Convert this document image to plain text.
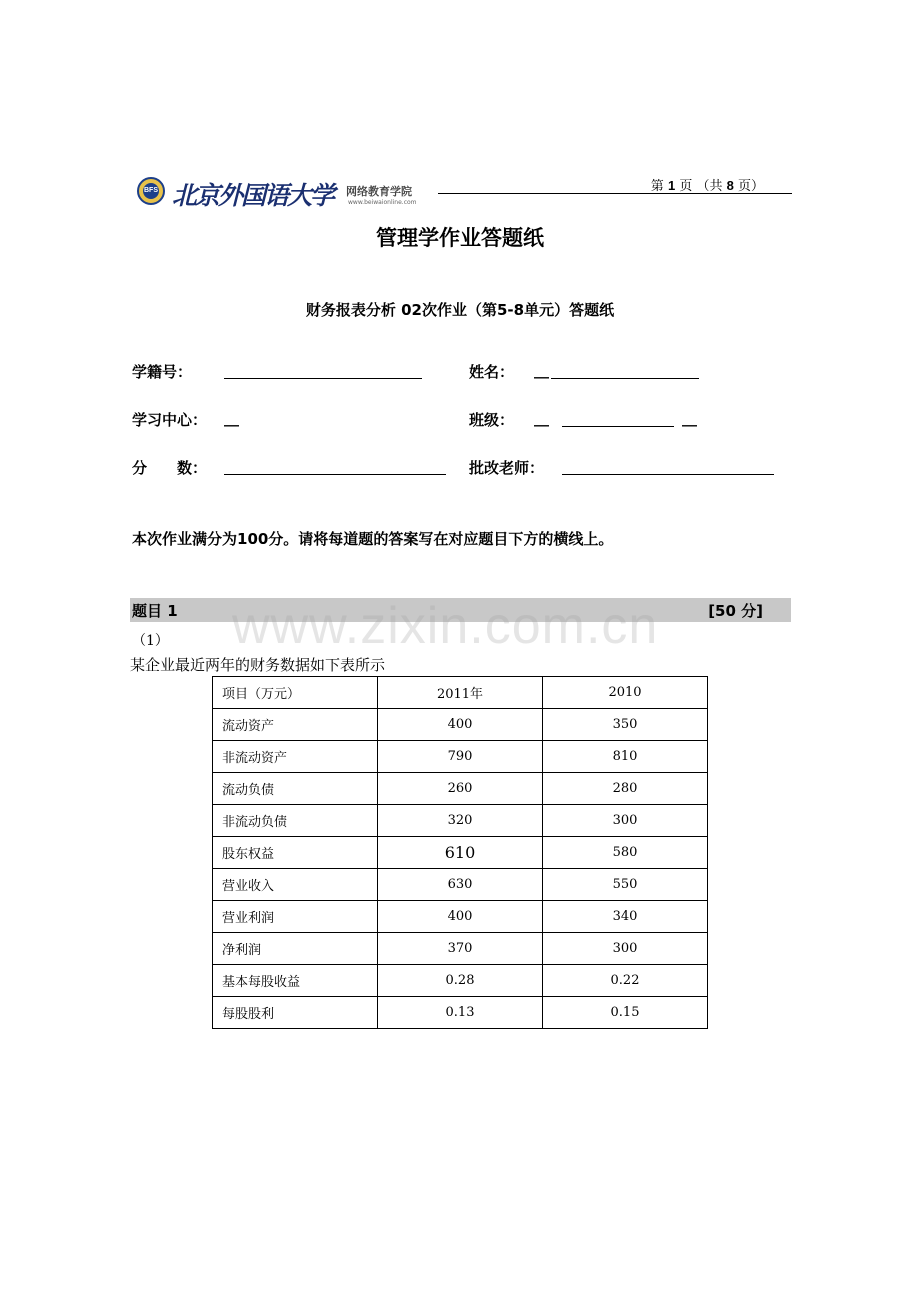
BFS 北京外国语大学 网络教育学院
www.beiwaionline.com
第 1 页 （共 8 页）
管理学作业答题纸
财务报表分析 02次作业（第5-8单元）答题纸
学籍号：	姓名： __
学习中心： __	班级： __	__
分　　数：	批改老师：
本次作业满分为100分。请将每道题的答案写在对应题目下方的横线上。
题目 1	[50 分]
www.zixin.com.cn
（1）
某企业最近两年的财务数据如下表所示
项目（万元）	2011年	2010
流动资产	400	350
非流动资产	790	810
流动负债	260	280
非流动负债	320	300
股东权益	610	580
营业收入	630	550
营业利润	400	340
净利润	370	300
基本每股收益	0.28	0.22
每股股利	0.13	0.15
